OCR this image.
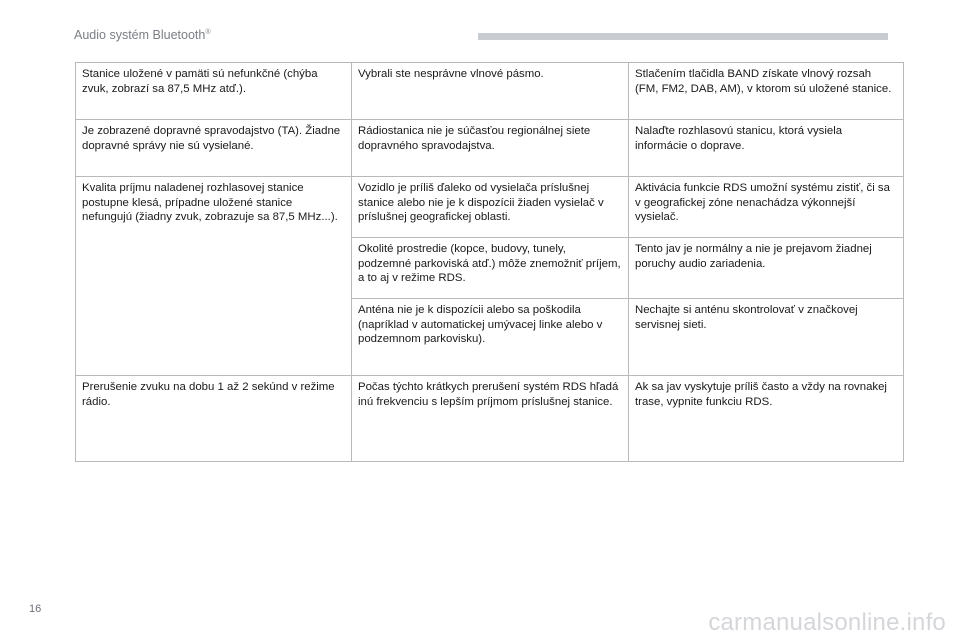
Audio systém Bluetooth®
Stanice uložené v pamäti sú nefunkčné (chýba zvuk, zobrazí sa 87,5 MHz atď.).	Vybrali ste nesprávne vlnové pásmo.	Stlačením tlačidla BAND získate vlnový rozsah (FM, FM2, DAB, AM), v ktorom sú uložené stanice.
Je zobrazené dopravné spravodajstvo (TA). Žiadne dopravné správy nie sú vysielané.	Rádiostanica nie je súčasťou regionálnej siete dopravného spravodajstva.	Nalaďte rozhlasovú stanicu, ktorá vysiela informácie o doprave.
Kvalita príjmu naladenej rozhlasovej stanice postupne klesá, prípadne uložené stanice nefungujú (žiadny zvuk, zobrazuje sa 87,5 MHz...).	Vozidlo je príliš ďaleko od vysielača príslušnej stanice alebo nie je k dispozícii žiaden vysielač v príslušnej geografickej oblasti.	Aktivácia funkcie RDS umožní systému zistiť, či sa v geografickej zóne nenachádza výkonnejší vysielač.
	Okolité prostredie (kopce, budovy, tunely, podzemné parkoviská atď.) môže znemožniť príjem, a to aj v režime RDS.	Tento jav je normálny a nie je prejavom žiadnej poruchy audio zariadenia.
	Anténa nie je k dispozícii alebo sa poškodila (napríklad v automatickej umývacej linke alebo v podzemnom parkovisku).	Nechajte si anténu skontrolovať v značkovej servisnej sieti.
Prerušenie zvuku na dobu 1 až 2 sekúnd v režime rádio.	Počas týchto krátkych prerušení systém RDS hľadá inú frekvenciu s lepším príjmom príslušnej stanice.	Ak sa jav vyskytuje príliš často a vždy na rovnakej trase, vypnite funkciu RDS.
16	carmanualsonline.info
